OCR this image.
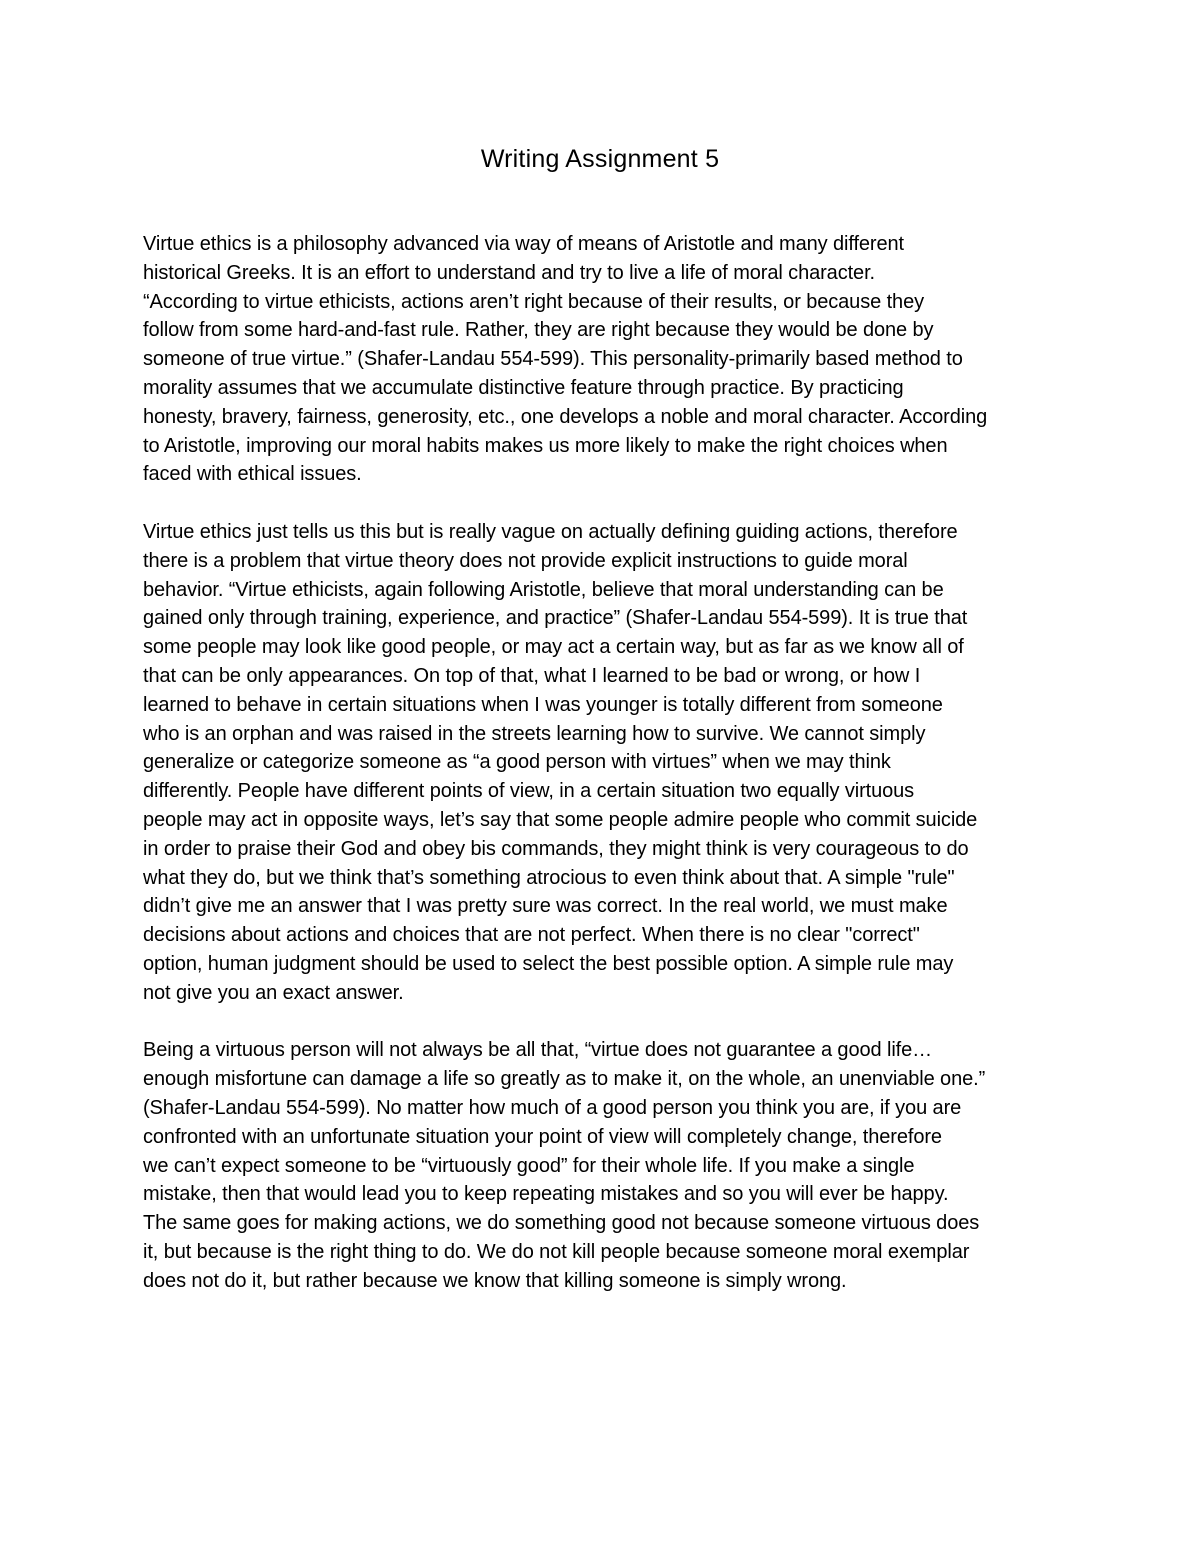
Writing Assignment 5

Virtue ethics is a philosophy advanced via way of means of Aristotle and many different
historical Greeks. It is an effort to understand and try to live a life of moral character.
“According to virtue ethicists, actions aren’t right because of their results, or because they
follow from some hard-and-fast rule. Rather, they are right because they would be done by
someone of true virtue.” (Shafer-Landau 554-599). This personality-primarily based method to
morality assumes that we accumulate distinctive feature through practice. By practicing
honesty, bravery, fairness, generosity, etc., one develops a noble and moral character. According
to Aristotle, improving our moral habits makes us more likely to make the right choices when
faced with ethical issues.

Virtue ethics just tells us this but is really vague on actually defining guiding actions, therefore
there is a problem that virtue theory does not provide explicit instructions to guide moral
behavior. “Virtue ethicists, again following Aristotle, believe that moral understanding can be
gained only through training, experience, and practice” (Shafer-Landau 554-599). It is true that
some people may look like good people, or may act a certain way, but as far as we know all of
that can be only appearances. On top of that, what I learned to be bad or wrong, or how I
learned to behave in certain situations when I was younger is totally different from someone
who is an orphan and was raised in the streets learning how to survive. We cannot simply
generalize or categorize someone as “a good person with virtues” when we may think
differently. People have different points of view, in a certain situation two equally virtuous
people may act in opposite ways, let’s say that some people admire people who commit suicide
in order to praise their God and obey bis commands, they might think is very courageous to do
what they do, but we think that’s something atrocious to even think about that. A simple "rule"
didn’t give me an answer that I was pretty sure was correct. In the real world, we must make
decisions about actions and choices that are not perfect. When there is no clear "correct"
option, human judgment should be used to select the best possible option. A simple rule may
not give you an exact answer.

Being a virtuous person will not always be all that, “virtue does not guarantee a good life…
enough misfortune can damage a life so greatly as to make it, on the whole, an unenviable one.”
(Shafer-Landau 554-599). No matter how much of a good person you think you are, if you are
confronted with an unfortunate situation your point of view will completely change, therefore
we can’t expect someone to be “virtuously good” for their whole life. If you make a single
mistake, then that would lead you to keep repeating mistakes and so you will ever be happy.
The same goes for making actions, we do something good not because someone virtuous does
it, but because is the right thing to do. We do not kill people because someone moral exemplar
does not do it, but rather because we know that killing someone is simply wrong.
